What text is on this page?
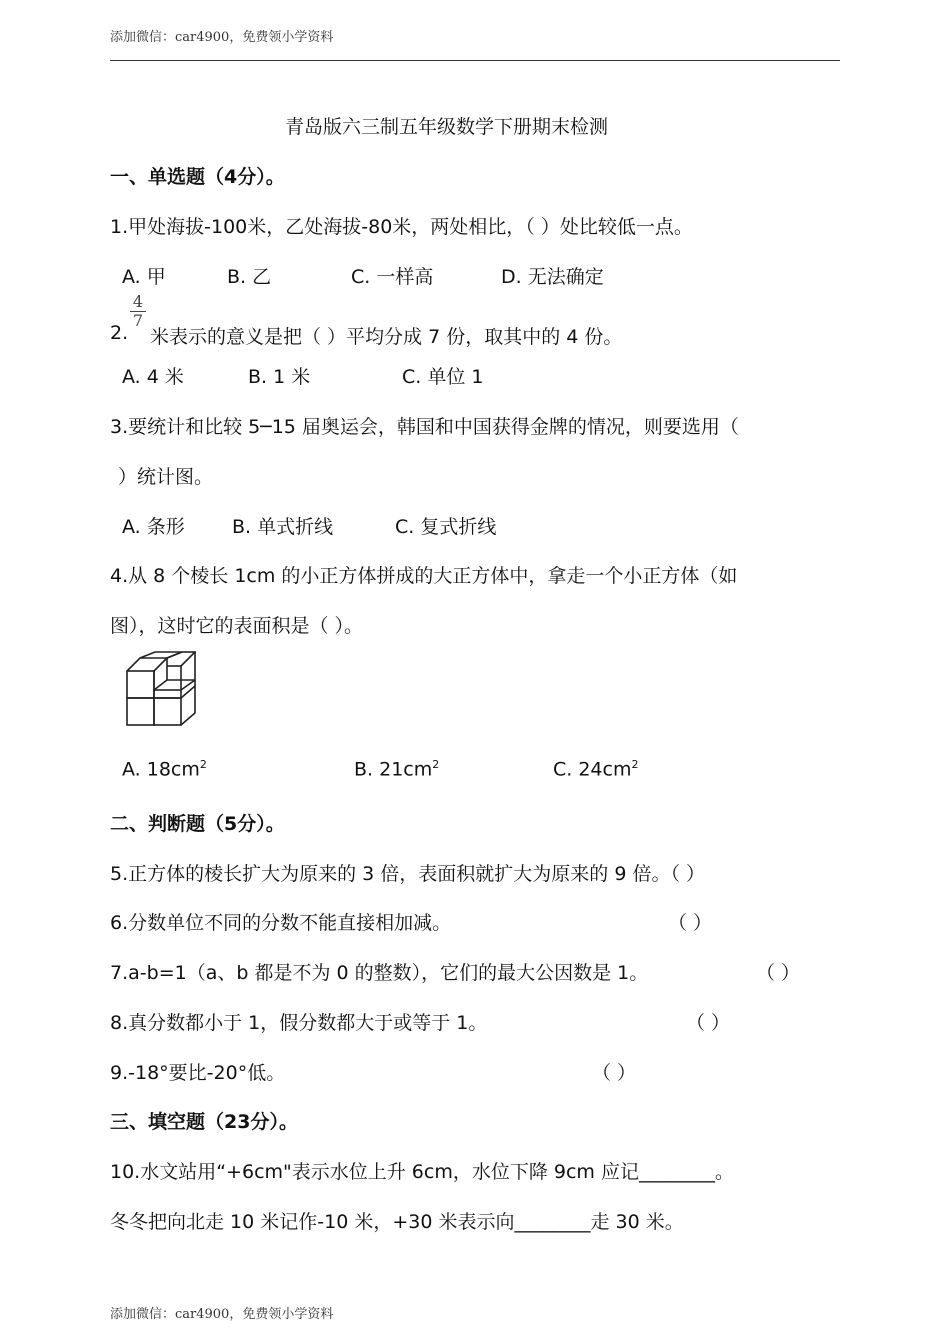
添加微信：car4900，免费领小学资料
青岛版六三制五年级数学下册期末检测
一、单选题（4分）。
1.甲处海拔-100米，乙处海拔-80米，两处相比，（ ）处比较低一点。
A. 甲	B. 乙	C. 一样高	D. 无法确定
2.
4
7
米表示的意义是把（ ）平均分成 7 份，取其中的 4 份。
A. 4 米	B. 1 米	C. 单位 1
3.要统计和比较 5─15 届奥运会，韩国和中国获得金牌的情况，则要选用（
）统计图。
A. 条形 B. 单式折线	C. 复式折线
4.从 8 个棱长 1cm 的小正方体拼成的大正方体中，拿走一个小正方体（如
图），这时它的表面积是（ ）。
A. $18cm^2$	B. $21cm^2$	C. $24cm^2$
二、判断题（5分）。
5.正方体的棱长扩大为原来的 3 倍，表面积就扩大为原来的 9 倍。（ ）
6.分数单位不同的分数不能直接相加减。	（ ）
7.a-b=1（a、b 都是不为 0 的整数），它们的最大公因数是 1。	（ ）
8.真分数都小于 1，假分数都大于或等于 1。	（ ）
9.-18°要比-20°低。	（ ）
三、填空题（23分）。
10.水文站用“+6cm"表示水位上升 6cm，水位下降 9cm 应记________。
冬冬把向北走 10 米记作-10 米，+30 米表示向________走 30 米。
添加微信：car4900，免费领小学资料
